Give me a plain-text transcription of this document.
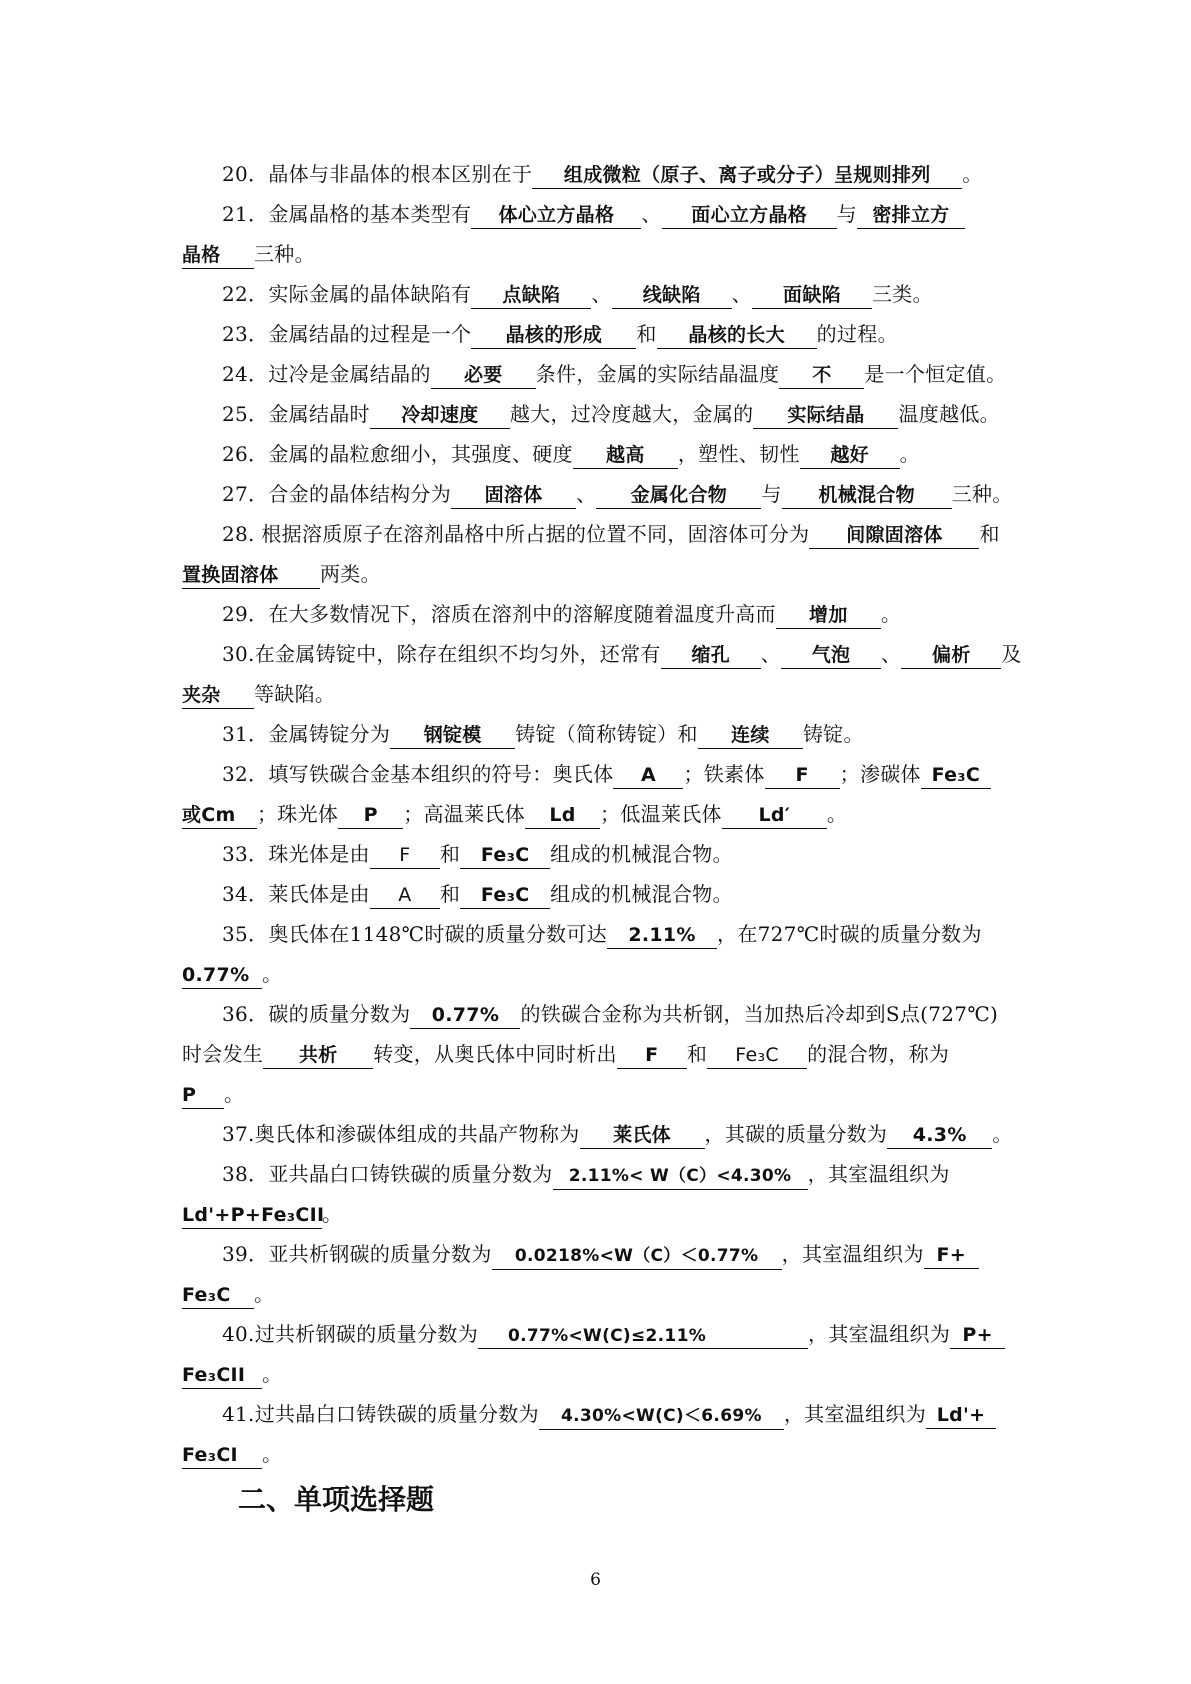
20．晶体与非晶体的根本区别在于 组成微粒（原子、离子或分子）呈规则排列 。
21．金属晶格的基本类型有 体心立方晶格 、 面心立方晶格 与 密排立方
晶格 三种。
22．实际金属的晶体缺陷有 点缺陷 、 线缺陷 、 面缺陷 三类。
23．金属结晶的过程是一个 晶核的形成 和 晶核的长大 的过程。
24．过冷是金属结晶的 必要 条件，金属的实际结晶温度 不 是一个恒定值。
25．金属结晶时 冷却速度 越大，过冷度越大，金属的 实际结晶 温度越低。
26．金属的晶粒愈细小，其强度、硬度 越高 ，塑性、韧性 越好 。
27．合金的晶体结构分为 固溶体 、 金属化合物 与 机械混合物 三种。
28. 根据溶质原子在溶剂晶格中所占据的位置不同，固溶体可分为 间隙固溶体 和
置换固溶体 两类。
29．在大多数情况下，溶质在溶剂中的溶解度随着温度升高而 增加 。
30.在金属铸锭中，除存在组织不均匀外，还常有 缩孔 、 气泡 、 偏析 及
夹杂 等缺陷。
31．金属铸锭分为 钢锭模 铸锭（简称铸锭）和 连续 铸锭。
32．填写铁碳合金基本组织的符号：奥氏体 A ；铁素体 F ；渗碳体 Fe₃C
或Cm ；珠光体 P ；高温莱氏体 Ld ；低温莱氏体 Ld′ 。
33．珠光体是由 F 和 Fe₃C 组成的机械混合物。
34．莱氏体是由 A 和 Fe₃C 组成的机械混合物。
35．奥氏体在1148℃时碳的质量分数可达 2.11% ，在727℃时碳的质量分数为
0.77% 。
36．碳的质量分数为 0.77% 的铁碳合金称为共析钢，当加热后冷却到S点(727℃)
时会发生 共析 转变，从奥氏体中同时析出 F 和 Fe₃C 的混合物，称为
P 。
37.奥氏体和渗碳体组成的共晶产物称为 莱氏体 ，其碳的质量分数为 4.3% 。
38．亚共晶白口铸铁碳的质量分数为 2.11%< W（C）<4.30% ，其室温组织为
Ld'+P+Fe₃CII。
39．亚共析钢碳的质量分数为 0.0218%<W（C）＜0.77% ，其室温组织为 F+
Fe₃C 。
40.过共析钢碳的质量分数为 0.77%<W(C)≤2.11%	，其室温组织为 P+
Fe₃CII 。
41.过共晶白口铸铁碳的质量分数为 4.30%<W(C)＜6.69% ，其室温组织为 Ld'+
Fe₃CI 。
二、单项选择题
6
